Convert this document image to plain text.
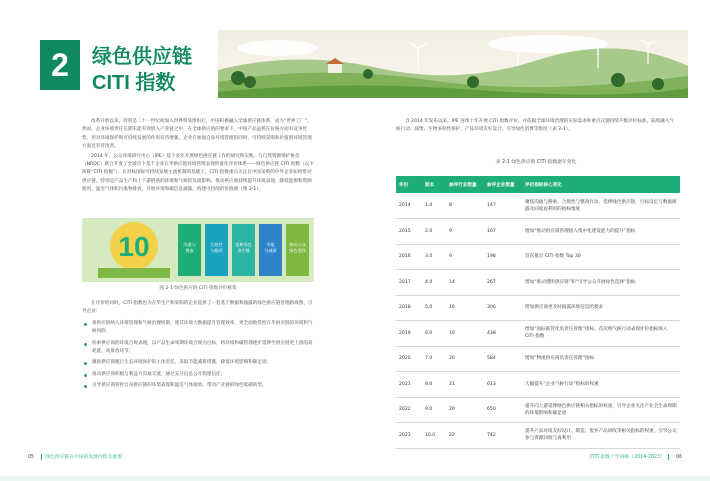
2	绿色供应链
CITI 指数

改革开放以来，特别是二十一世纪初加入世界贸易组织后，中国积极融入全球供应链体系，成为“世界工厂”。然而，企业环境责任长期未能有效嵌入产业链之中，在全球供应链的要求下，中国产品虽然在价格方面有竞争优势，但对环境保护和可持续发展的作用有待增强，企业在加强自身环境管理的同时，可持续采购和价值链环境管理方面还有待改善。

2014 年，公众环境研究中心（IPE）基于多年开展绿色供应链工作的研究和实践，与自然资源保护协会（NRDC）联合开发了全球首个基于企业在华供应链环境管理表现的量化评价体系——绿色供应链 CITI 指数（以下简称“CITI 指数”）。在对标国际可持续发展主流机制的基础上，CITI 指数重点关注在中国采购的中外企业如何带动供应链，特别是产品生产和上下游链条的环境和气候的负面影响，推动供应商持续提升环境表现，降低能源和资源使用，温室气体和污染物排放，开展环境和碳信息披露，构建可持续的价值链（图 2-1）。

10	沟通与
搜索
合规性
与整改
延伸绿色
供应链
节能
与减排
推动公众
绿色选择
图 2-1 绿色供应链 CITI 指数评价框架

在评价的同时，CITI 指数也为在华生产和采购的企业提供了一套基于数据和披露的绿色供应链管理路线图，引导企业：

将供应链纳入环境管理和气候治理机制，使其环境大数据提升管理效率，更全面地管控在华供应链的环境和气候风险；
检索供应商的环境合规表现，以产品生命周期环境合规为目标，将环境和碳管理逐步延伸至供应链更上游的高耗能、高排放环节；
激励供应商履行生态环境保护的主体责任，采取节能减排措施，降低环境影响和碳足迹；
推动供应商积极与利益方沟通交流，通过充分信息公开构建信任；
引导供应商管控自身供应链的环境表现和温室气体排放，带动产业链的绿色低碳转型。

自 2014 年发布以来，IPE 连续十年开展 CITI 指数评价，并依据全球环境治理的实际需求和重点议题持续升级评价标准，陆续融入气候行动、减塑、生物多样性保护、产品环境友好设计、引导绿色消费等维度（表 2-1）。

表 2-1 绿色供应链 CITI 指数逐年变化
年份	版本	参评行业数量	参评企业数量	评价指标核心变化
2014	1.0	8	147	聚焦沟通与搜索、合规性与整改行动、延伸绿色供应链、目标设定与数据披露及回收再利用的指标维度
2015	2.0	9	167	增加“推动供应商管理接入集中化建设能力的提升”指标
2016	3.0	9	198	首次推出 CITI 指数 Top 30
2017	4.0	14	267	增加“推动透明供应链”和“引导公众开展绿色选择”指标
2018	5.0	16	306	增加供应商更及时披露环境信息的要求
2019	6.0	19	438	增加“国际联管化负责任管理”指标，首次纳气候行动表现评价指标纳入 CITI 指数
2020	7.0	20	584	增加“物流供应商负责任管理”指标
2021	8.0	21	613	大幅提升“企业气候行动”指标的权重
2022	9.0	20	650	提升向上游延伸绿色供应链相关指标的权重，引导企业关注产业全生命周期的环境影响和碳足迹
2023	10.0	22	742	提升产品环境友好设计、制造、废弃产品回收等相关指标的权重，引导公众参与资源回收与再利用
05 绿色供应链在中国的发展历程及展望	CITI 指数十年回顾（2014-2023） 06
